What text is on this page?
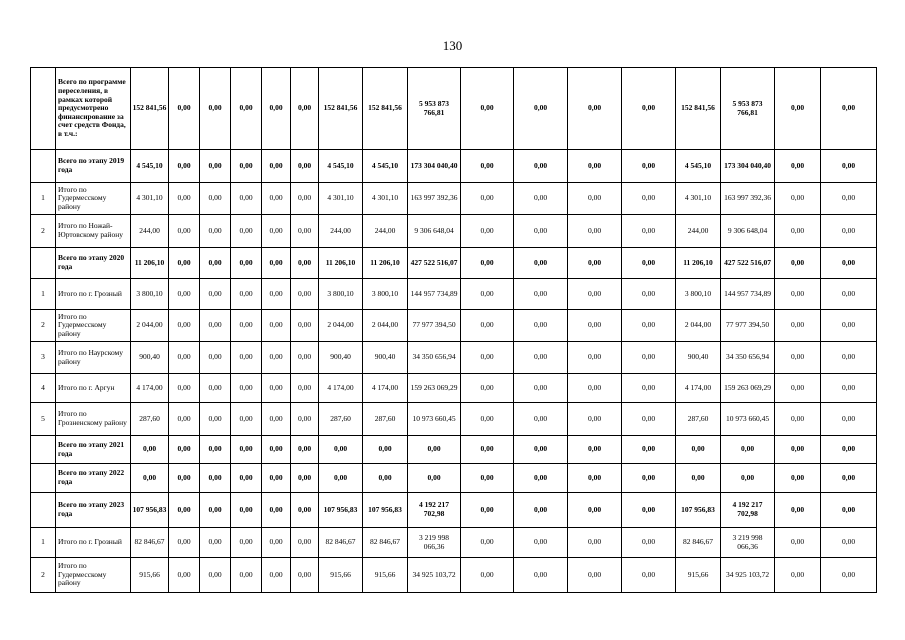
130
	Всего по программе переселения, в рамках которой предусмотрено финансирование за счет средств Фонда, в т.ч.:	152 841,56	0,00	0,00	0,00	0,00	0,00	152 841,56	152 841,56	5 953 873 766,81	0,00	0,00	0,00	0,00	152 841,56	5 953 873 766,81	0,00	0,00
	Всего по этапу 2019 года	4 545,10	0,00	0,00	0,00	0,00	0,00	4 545,10	4 545,10	173 304 040,40	0,00	0,00	0,00	0,00	4 545,10	173 304 040,40	0,00	0,00
1	Итого по Гудермесскому району	4 301,10	0,00	0,00	0,00	0,00	0,00	4 301,10	4 301,10	163 997 392,36	0,00	0,00	0,00	0,00	4 301,10	163 997 392,36	0,00	0,00
2	Итого по Ножай-Юртовскому району	244,00	0,00	0,00	0,00	0,00	0,00	244,00	244,00	9 306 648,04	0,00	0,00	0,00	0,00	244,00	9 306 648,04	0,00	0,00
	Всего по этапу 2020 года	11 206,10	0,00	0,00	0,00	0,00	0,00	11 206,10	11 206,10	427 522 516,07	0,00	0,00	0,00	0,00	11 206,10	427 522 516,07	0,00	0,00
1	Итого по г. Грозный	3 800,10	0,00	0,00	0,00	0,00	0,00	3 800,10	3 800,10	144 957 734,89	0,00	0,00	0,00	0,00	3 800,10	144 957 734,89	0,00	0,00
2	Итого по Гудермесскому району	2 044,00	0,00	0,00	0,00	0,00	0,00	2 044,00	2 044,00	77 977 394,50	0,00	0,00	0,00	0,00	2 044,00	77 977 394,50	0,00	0,00
3	Итого по Наурскому району	900,40	0,00	0,00	0,00	0,00	0,00	900,40	900,40	34 350 656,94	0,00	0,00	0,00	0,00	900,40	34 350 656,94	0,00	0,00
4	Итого по г. Аргун	4 174,00	0,00	0,00	0,00	0,00	0,00	4 174,00	4 174,00	159 263 069,29	0,00	0,00	0,00	0,00	4 174,00	159 263 069,29	0,00	0,00
5	Итого по Грозненскому району	287,60	0,00	0,00	0,00	0,00	0,00	287,60	287,60	10 973 660,45	0,00	0,00	0,00	0,00	287,60	10 973 660,45	0,00	0,00
	Всего по этапу 2021 года	0,00	0,00	0,00	0,00	0,00	0,00	0,00	0,00	0,00	0,00	0,00	0,00	0,00	0,00	0,00	0,00	0,00
	Всего по этапу 2022 года	0,00	0,00	0,00	0,00	0,00	0,00	0,00	0,00	0,00	0,00	0,00	0,00	0,00	0,00	0,00	0,00	0,00
	Всего по этапу 2023 года	107 956,83	0,00	0,00	0,00	0,00	0,00	107 956,83	107 956,83	4 192 217 702,98	0,00	0,00	0,00	0,00	107 956,83	4 192 217 702,98	0,00	0,00
1	Итого по г. Грозный	82 846,67	0,00	0,00	0,00	0,00	0,00	82 846,67	82 846,67	3 219 998 066,36	0,00	0,00	0,00	0,00	82 846,67	3 219 998 066,36	0,00	0,00
2	Итого по Гудермесскому району	915,66	0,00	0,00	0,00	0,00	0,00	915,66	915,66	34 925 103,72	0,00	0,00	0,00	0,00	915,66	34 925 103,72	0,00	0,00
